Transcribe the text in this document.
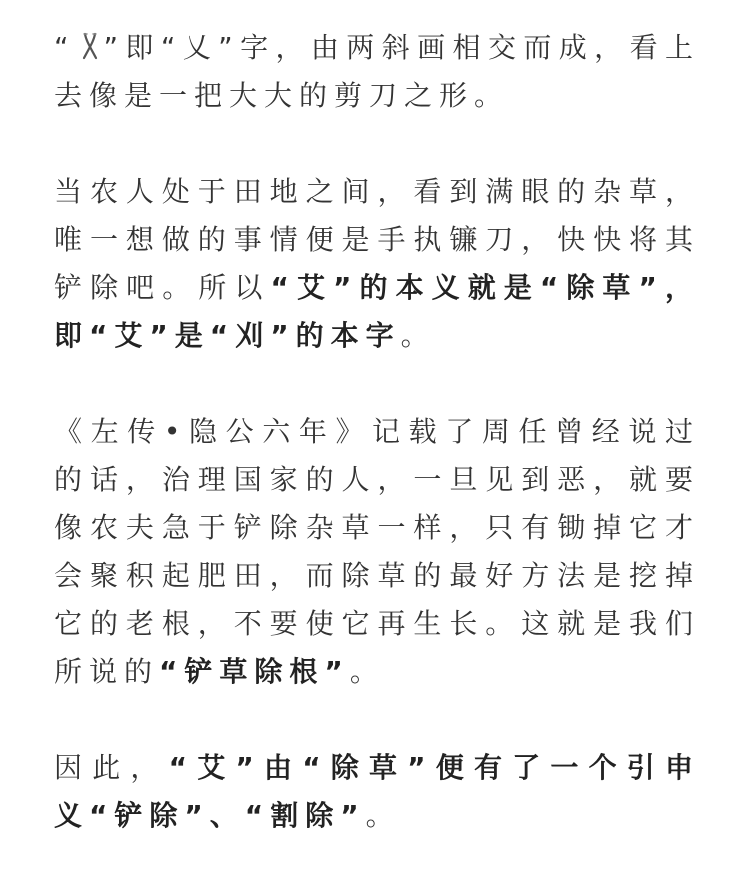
“ ”即“乂”字，由两斜画相交而成，看上去像是一把大大的剪刀之形。

当农人处于田地之间，看到满眼的杂草，唯一想做的事情便是手执镰刀，快快将其铲除吧。所以“艾”的本义就是“除草”，即“艾”是“刈”的本字。

《左传•隐公六年》记载了周任曾经说过的话，治理国家的人，一旦见到恶，就要像农夫急于铲除杂草一样，只有锄掉它才会聚积起肥田，而除草的最好方法是挖掉它的老根，不要使它再生长。这就是我们所说的“铲草除根”。

因此，“艾”由“除草”便有了一个引申义“铲除”、“割除”。
